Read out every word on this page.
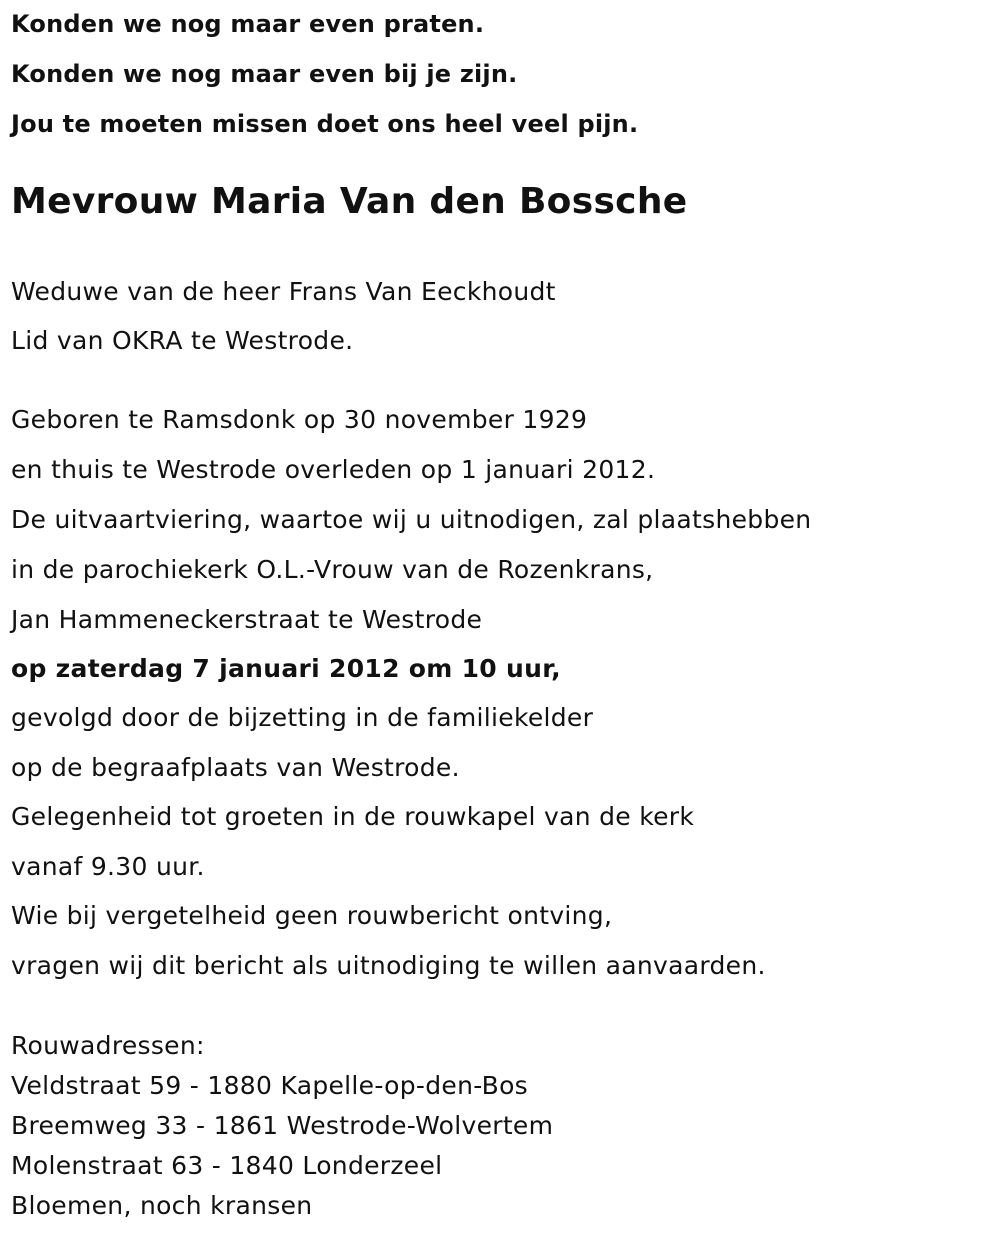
Konden we nog maar even praten.

Konden we nog maar even bij je zijn.

Jou te moeten missen doet ons heel veel pijn.

Mevrouw Maria Van den Bossche

Weduwe van de heer Frans Van Eeckhoudt

Lid van OKRA te Westrode.

Geboren te Ramsdonk op 30 november 1929

en thuis te Westrode overleden op 1 januari 2012.

De uitvaartviering, waartoe wij u uitnodigen, zal plaatshebben

in de parochiekerk O.L.-Vrouw van de Rozenkrans,

Jan Hammeneckerstraat te Westrode

op zaterdag 7 januari 2012 om 10 uur,

gevolgd door de bijzetting in de familiekelder

op de begraafplaats van Westrode.

Gelegenheid tot groeten in de rouwkapel van de kerk

vanaf 9.30 uur.

Wie bij vergetelheid geen rouwbericht ontving,

vragen wij dit bericht als uitnodiging te willen aanvaarden.

Rouwadressen:

Veldstraat 59 - 1880 Kapelle-op-den-Bos

Breemweg 33 - 1861 Westrode-Wolvertem

Molenstraat 63 - 1840 Londerzeel

Bloemen, noch kransen
